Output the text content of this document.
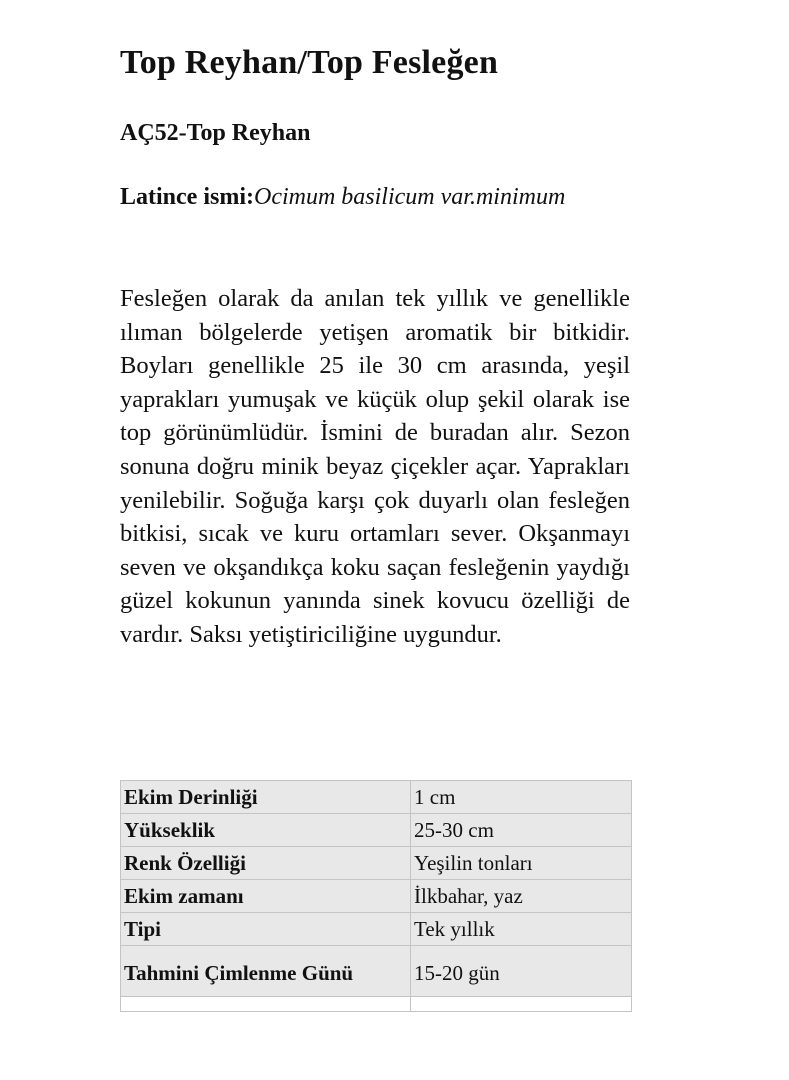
Top Reyhan/Top Fesleğen
AÇ52-Top Reyhan
Latince ismi:Ocimum basilicum var.minimum

Fesleğen olarak da anılan tek yıllık ve genellikle ılıman bölgelerde yetişen aromatik bir bitkidir. Boyları genellikle 25 ile 30 cm arasında, yeşil yaprakları yumuşak ve küçük olup şekil olarak ise top görünümlüdür. İsmini de buradan alır. Sezon sonuna doğru minik beyaz çiçekler açar. Yaprakları yenilebilir. Soğuğa karşı çok duyarlı olan fesleğen bitkisi, sıcak ve kuru ortamları sever. Okşanmayı seven ve okşandıkça koku saçan fesleğenin yaydığı güzel kokunun yanında sinek kovucu özelliği de vardır. Saksı yetiştiriciliğine uygundur.

Ekim Derinliği	1 cm
Yükseklik	25-30 cm
Renk Özelliği	Yeşilin tonları
Ekim zamanı	İlkbahar, yaz
Tipi	Tek yıllık
Tahmini Çimlenme Günü	15-20 gün
